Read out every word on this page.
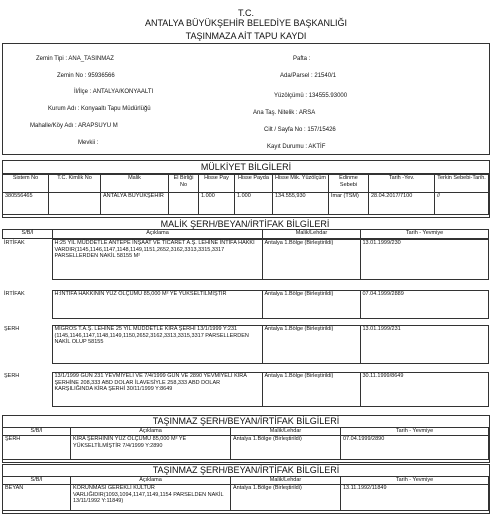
T.C.
ANTALYA BÜYÜKŞEHİR BELEDİYE BAŞKANLIĞI
TAŞINMAZA AİT TAPU KAYDI
Zemin Tipi : ANA_TASINMAZ
Zemin No : 95936566
İl/İlçe : ANTALYA/KONYAALTI
Kurum Adı : Konyaaltı Tapu Müdürlüğü
Mahalle/Köy Adı : ARAPSUYU M
Mevkii :
Pafta :
Ada/Parsel : 21540/1
Yüzölçümü : 134555.93000
Ana Taş. Nitelik : ARSA
Cilt / Sayfa No : 157/15426
Kayıt Durumu : AKTİF
MÜLKİYET BİLGİLERİ
Sistem No	T.C. Kimlik No	Malik	El Birliği No	Hisse Pay	Hisse Payda	Hisse Mik. Yüzölçüm	Edinme Sebebi	Tarih -Yev.	Terkin Sebebi-Tarih.
380556465		ANTALYA BÜYÜKŞEHİR		1.000	1.000	134.555,930	İmar (TSM)	28.04.2017/7100	//
MALİK ŞERH/BEYAN/İRTİFAK BİLGİLERİ
S/B/İ	Açıklama	Malik/Lehdar	Tarih - Yevmiye
İRTİFAK	H:25 YIL MÜDDETLE ANTEPE İNŞAAT VE TİCARET A.Ş. LEHİNE İNTİFA HAKKI VARDIR(1145,1146,1147,1148,1149,1151,2652,3162,3313,3315,3317 PARSELLERDEN NAKİL 58155 M²	Antalya 1.Bölge (Birleştirildi)	13.01.1999/230
İRTİFAK	H:İNTİFA HAKKININ YÜZ ÖLÇÜMÜ 85,000 M² YE YÜKSELTİLMİŞTİR	Antalya 1.Bölge (Birleştirildi)	07.04.1999/2889
ŞERH	MİGROS T.A.Ş. LEHİNE 25 YIL MÜDDETLE KİRA ŞERHİ 13/1/1999 Y:231 (1145,1146,1147,1148,1149,1150,2652,3162,3313,3315,3317 PARSELLERDEN NAKİL OLUP 58155	Antalya 1.Bölge (Birleştirildi)	13.01.1999/231
ŞERH	13/1/1999 GÜN 231 YEVMİYELİ VE 7/4/1999 GÜN VE 2890 YEVMİYELİ KİRA ŞERHİNE 208,333 ABD DOLAR İLAVESİYLE 258,333 ABD DOLAR KARŞILIĞINDA KİRA ŞERHİ 30/11/1999 Y:8649	Antalya 1.Bölge (Birleştirildi)	30.11.1999/8649
TAŞINMAZ ŞERH/BEYAN/İRTİFAK BİLGİLERİ
S/B/İ	Açıklama	Malik/Lehdar	Tarih - Yevmiye
ŞERH	KİRA ŞERHİNİN YÜZ ÖLÇÜMÜ 85,000 M² YE YÜKSELTİLMİŞTİR 7/4/1999 Y:2890	Antalya 1.Bölge (Birleştirildi)	07.04.1999/2890
TAŞINMAZ ŞERH/BEYAN/İRTİFAK BİLGİLERİ
S/B/İ	Açıklama	Malik/Lehdar	Tarih - Yevmiye
BEYAN	KORUNMASI GEREKLİ KÜLTÜR VARLIĞIDIR(1093,1094,1147,1149,1154 PARSELDEN NAKİL 13/11/1992 Y:11849)	Antalya 1.Bölge (Birleştirildi)	13.11.1992/11849
